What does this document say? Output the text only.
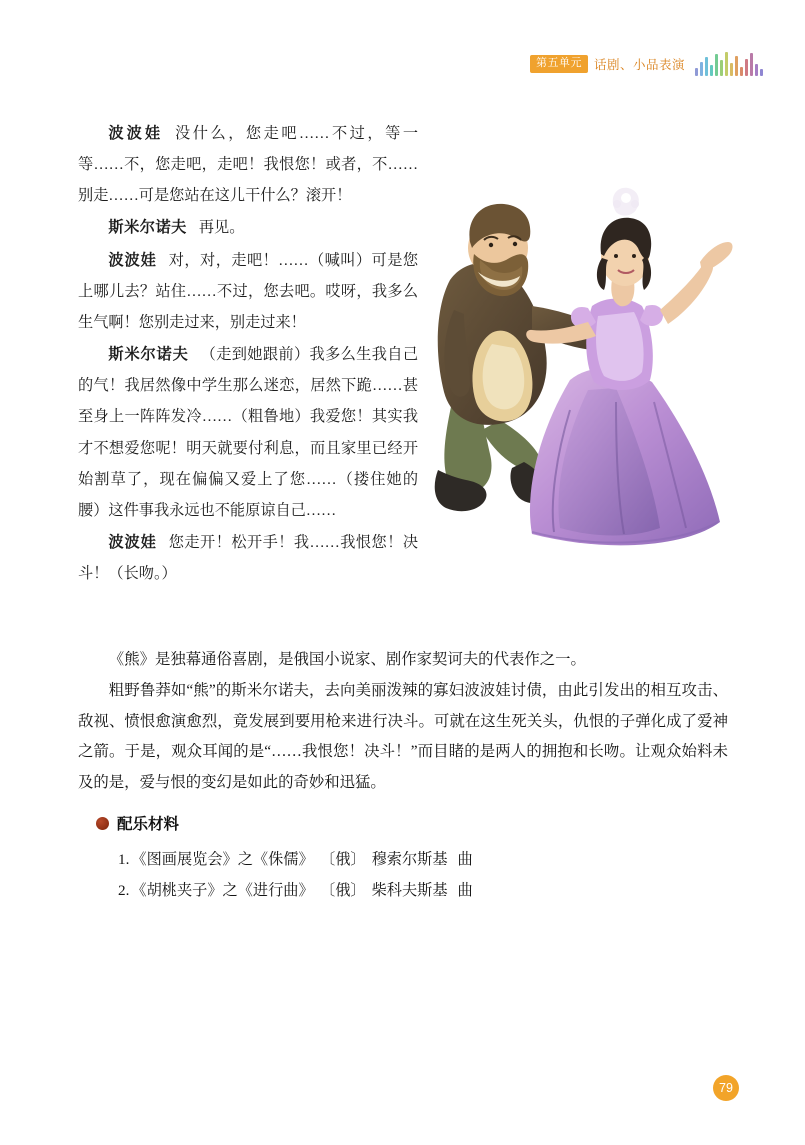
第五单元 话剧、小品表演

波波娃 没什么，您走吧……不过，等一等……不，您走吧，走吧！我恨您！或者，不……别走……可是您站在这儿干什么？滚开！

斯米尔诺夫 再见。

波波娃 对，对，走吧！……（喊叫）可是您上哪儿去？站住……不过，您去吧。哎呀，我多么生气啊！您别走过来，别走过来！

斯米尔诺夫 （走到她跟前）我多么生我自己的气！我居然像中学生那么迷恋，居然下跪……甚至身上一阵阵发冷……（粗鲁地）我爱您！其实我才不想爱您呢！明天就要付利息，而且家里已经开始割草了，现在偏偏又爱上了您……（搂住她的腰）这件事我永远也不能原谅自己……

波波娃 您走开！松开手！我……我恨您！决斗！（长吻。）

《熊》是独幕通俗喜剧，是俄国小说家、剧作家契诃夫的代表作之一。

粗野鲁莽如“熊”的斯米尔诺夫，去向美丽泼辣的寡妇波波娃讨债，由此引发出的相互攻击、敌视、愤恨愈演愈烈，竟发展到要用枪来进行决斗。可就在这生死关头，仇恨的子弹化成了爱神之箭。于是，观众耳闻的是“……我恨您！决斗！”而目睹的是两人的拥抱和长吻。让观众始料未及的是，爱与恨的变幻是如此的奇妙和迅猛。

配乐材料
1. 《图画展览会》之《侏儒》 〔俄〕 穆索尔斯基 曲
2. 《胡桃夹子》之《进行曲》 〔俄〕 柴科夫斯基 曲
79
